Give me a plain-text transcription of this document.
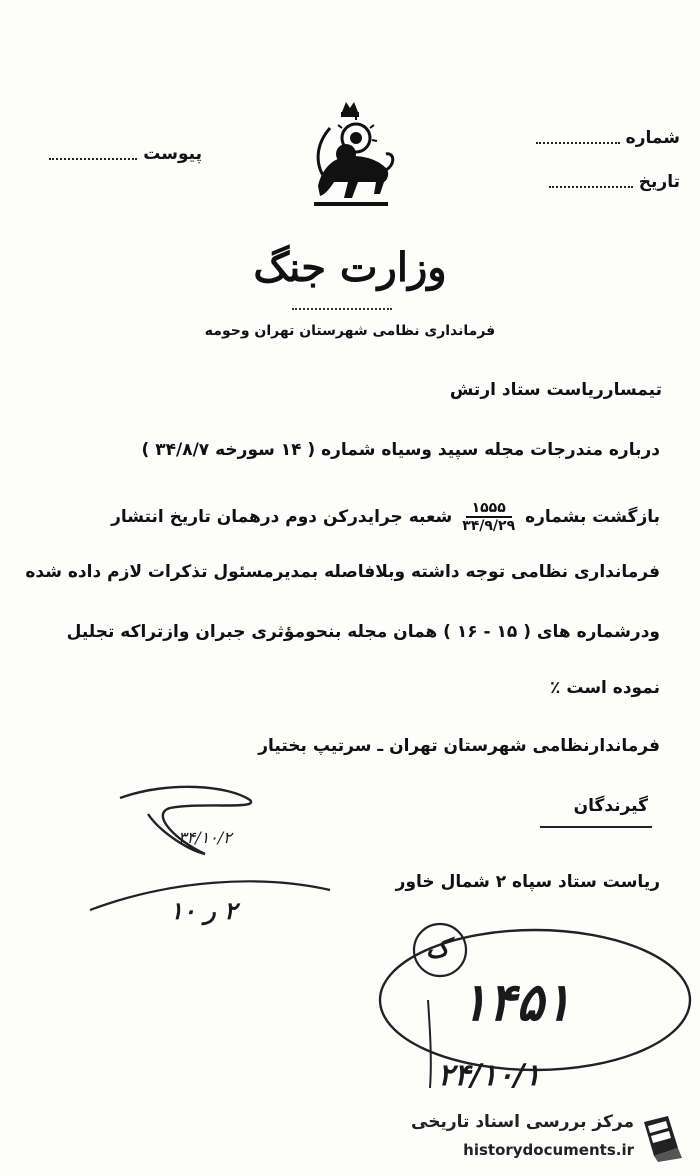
پیوست
شماره
تاریخ
وزارت جنگ
فرمانداری نظامی شهرستان تهران وحومه
تیمسارریاست ستاد ارتش
درباره مندرجات مجله سپید وسیاه شماره ( ۱۴ سورخه ۳۴/۸/۷ )
بازگشت بشماره
$\frac{۱۵۵۵}{۳۴/۹/۲۹}$
شعبه جرایدرکن دوم درهمان تاریخ انتشار
فرمانداری نظامی توجه داشته وبلافاصله بمدیرمسئول تذکرات لازم داده شده
ودرشماره های ( ۱۵ - ۱۶ ) همان مجله بنحومؤثری جبران وازتراکه تجلیل
نموده است ٪
فرماندارنظامی شهرستان تهران ـ سرتیپ بختیار
گیرندگان
ریاست ستاد سپاه ۲ شمال خاور
۳۴/۱۰/۲
۲ ر ۱۰
ک
۱۴۵۱
۲۴/۱۰/۱
مرکز بررسی اسناد تاریخی
historydocuments.ir
